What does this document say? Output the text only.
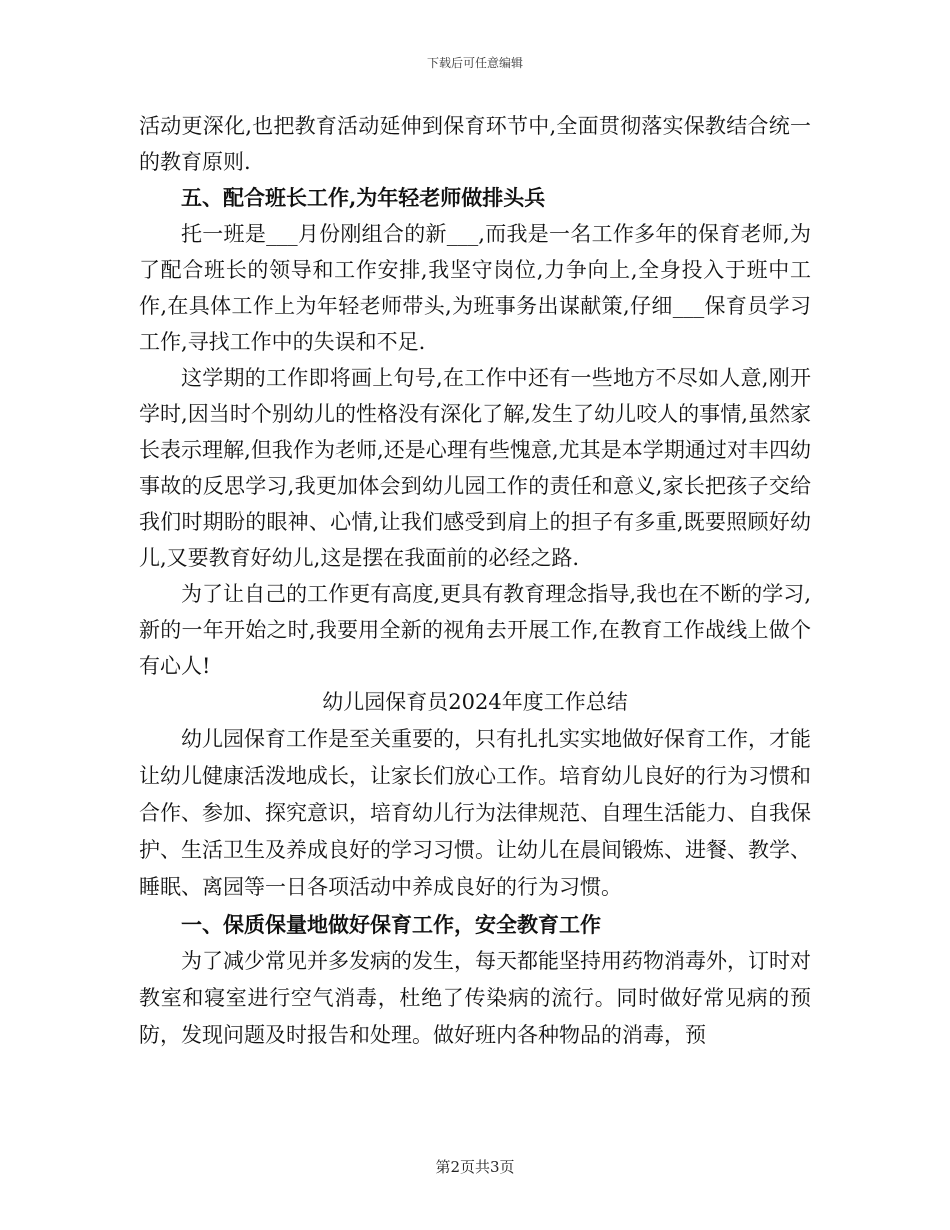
下载后可任意编辑

活动更深化,也把教育活动延伸到保育环节中,全面贯彻落实保教结合统一的教育原则.

五、配合班长工作,为年轻老师做排头兵

托一班是___月份刚组合的新___,而我是一名工作多年的保育老师,为了配合班长的领导和工作安排,我坚守岗位,力争向上,全身投入于班中工作,在具体工作上为年轻老师带头,为班事务出谋献策,仔细___保育员学习工作,寻找工作中的失误和不足.

这学期的工作即将画上句号,在工作中还有一些地方不尽如人意,刚开学时,因当时个别幼儿的性格没有深化了解,发生了幼儿咬人的事情,虽然家长表示理解,但我作为老师,还是心理有些愧意,尤其是本学期通过对丰四幼事故的反思学习,我更加体会到幼儿园工作的责任和意义,家长把孩子交给我们时期盼的眼神、心情,让我们感受到肩上的担子有多重,既要照顾好幼儿,又要教育好幼儿,这是摆在我面前的必经之路.

为了让自己的工作更有高度,更具有教育理念指导,我也在不断的学习,新的一年开始之时,我要用全新的视角去开展工作,在教育工作战线上做个有心人!

幼儿园保育员2024年度工作总结

幼儿园保育工作是至关重要的，只有扎扎实实地做好保育工作，才能让幼儿健康活泼地成长，让家长们放心工作。培育幼儿良好的行为习惯和合作、参加、探究意识，培育幼儿行为法律规范、自理生活能力、自我保护、生活卫生及养成良好的学习习惯。让幼儿在晨间锻炼、进餐、教学、睡眠、离园等一日各项活动中养成良好的行为习惯。

一、保质保量地做好保育工作，安全教育工作

为了减少常见并多发病的发生，每天都能坚持用药物消毒外，订时对教室和寝室进行空气消毒，杜绝了传染病的流行。同时做好常见病的预防，发现问题及时报告和处理。做好班内各种物品的消毒，预

第2页共3页
